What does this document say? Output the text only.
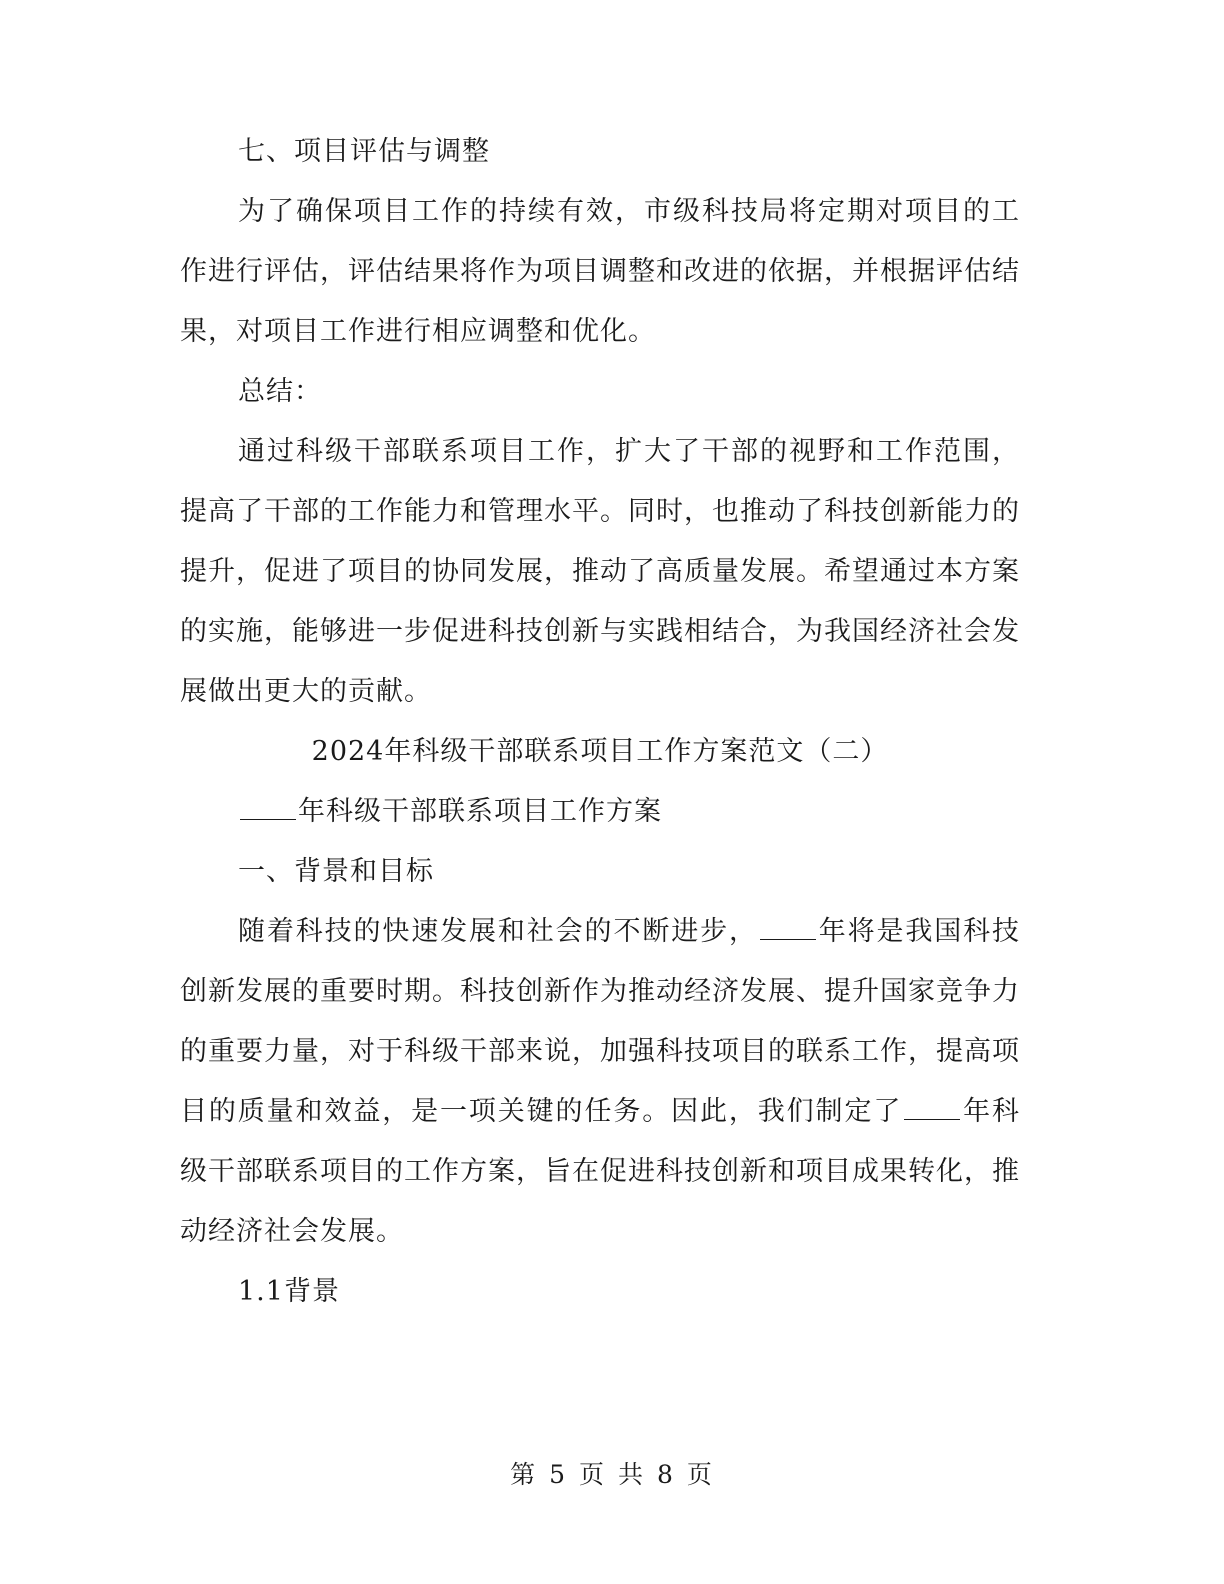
七、项目评估与调整

为了确保项目工作的持续有效，市级科技局将定期对项目的工作进行评估，评估结果将作为项目调整和改进的依据，并根据评估结果，对项目工作进行相应调整和优化。

总结：

通过科级干部联系项目工作，扩大了干部的视野和工作范围，提高了干部的工作能力和管理水平。同时，也推动了科技创新能力的提升，促进了项目的协同发展，推动了高质量发展。希望通过本方案的实施，能够进一步促进科技创新与实践相结合，为我国经济社会发展做出更大的贡献。

2024年科级干部联系项目工作方案范文（二）

年科级干部联系项目工作方案

一、背景和目标

随着科技的快速发展和社会的不断进步， 年将是我国科技创新发展的重要时期。科技创新作为推动经济发展、提升国家竞争力的重要力量，对于科级干部来说，加强科技项目的联系工作，提高项目的质量和效益，是一项关键的任务。因此，我们制定了 年科级干部联系项目的工作方案，旨在促进科技创新和项目成果转化，推动经济社会发展。

1.1背景

第 5 页 共 8 页
